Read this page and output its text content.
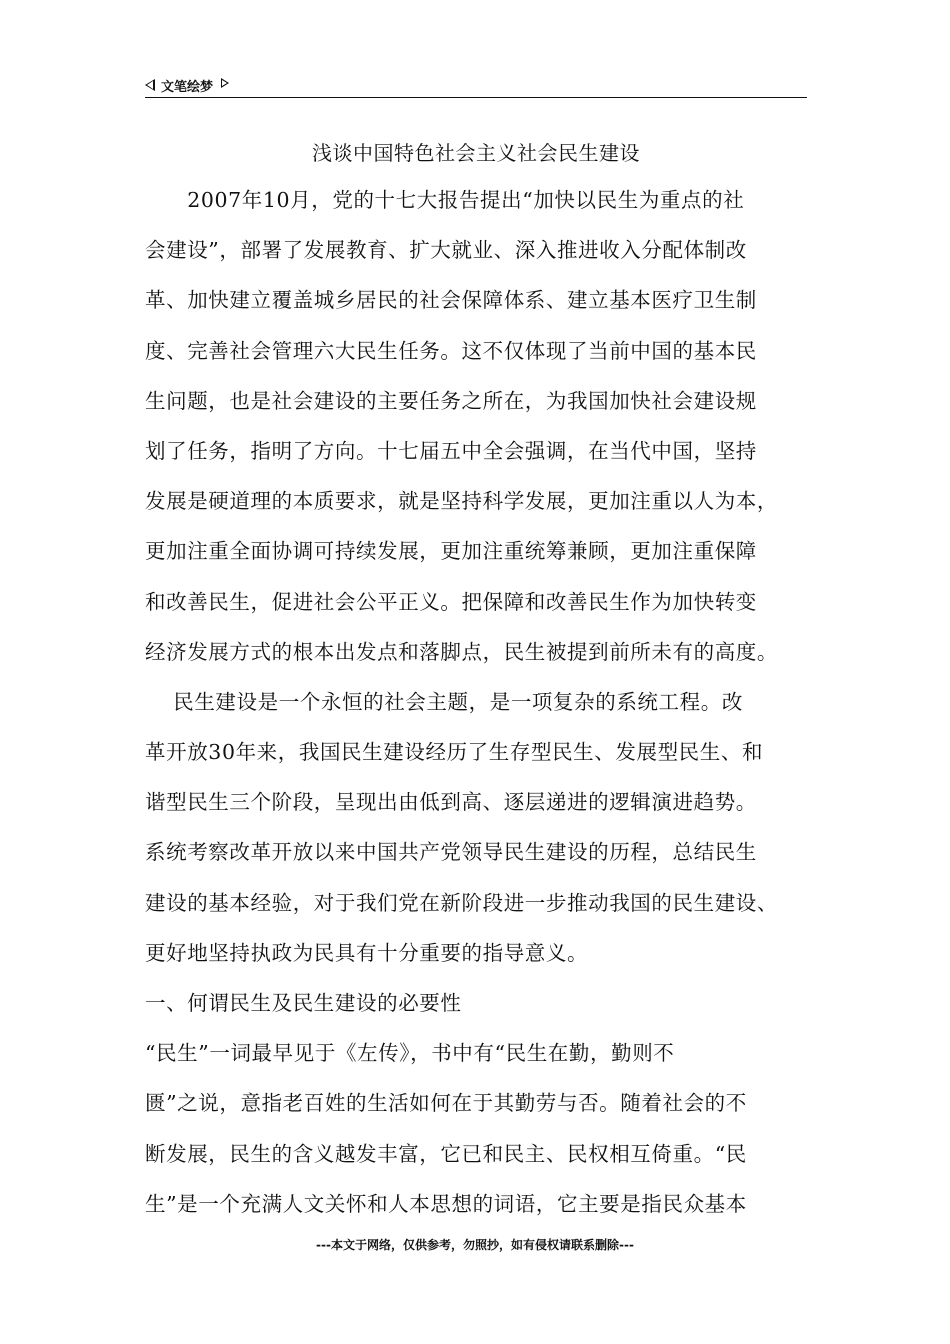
文笔绘梦
浅谈中国特色社会主义社会民生建设
　　2007年10月，党的十七大报告提出“加快以民生为重点的社
会建设”，部署了发展教育、扩大就业、深入推进收入分配体制改
革、加快建立覆盖城乡居民的社会保障体系、建立基本医疗卫生制
度、完善社会管理六大民生任务。这不仅体现了当前中国的基本民
生问题，也是社会建设的主要任务之所在，为我国加快社会建设规
划了任务，指明了方向。十七届五中全会强调，在当代中国，坚持
发展是硬道理的本质要求，就是坚持科学发展，更加注重以人为本，
更加注重全面协调可持续发展，更加注重统筹兼顾，更加注重保障
和改善民生，促进社会公平正义。把保障和改善民生作为加快转变
经济发展方式的根本出发点和落脚点，民生被提到前所未有的高度。
　 民生建设是一个永恒的社会主题，是一项复杂的系统工程。改
革开放30年来，我国民生建设经历了生存型民生、发展型民生、和
谐型民生三个阶段，呈现出由低到高、逐层递进的逻辑演进趋势。
系统考察改革开放以来中国共产党领导民生建设的历程，总结民生
建设的基本经验，对于我们党在新阶段进一步推动我国的民生建设、
更好地坚持执政为民具有十分重要的指导意义。
一、何谓民生及民生建设的必要性
“民生”一词最早见于《左传》，书中有“民生在勤，勤则不
匮”之说，意指老百姓的生活如何在于其勤劳与否。随着社会的不
断发展，民生的含义越发丰富，它已和民主、民权相互倚重。“民
生”是一个充满人文关怀和人本思想的词语，它主要是指民众基本
---本文于网络，仅供参考，勿照抄，如有侵权请联系删除---
